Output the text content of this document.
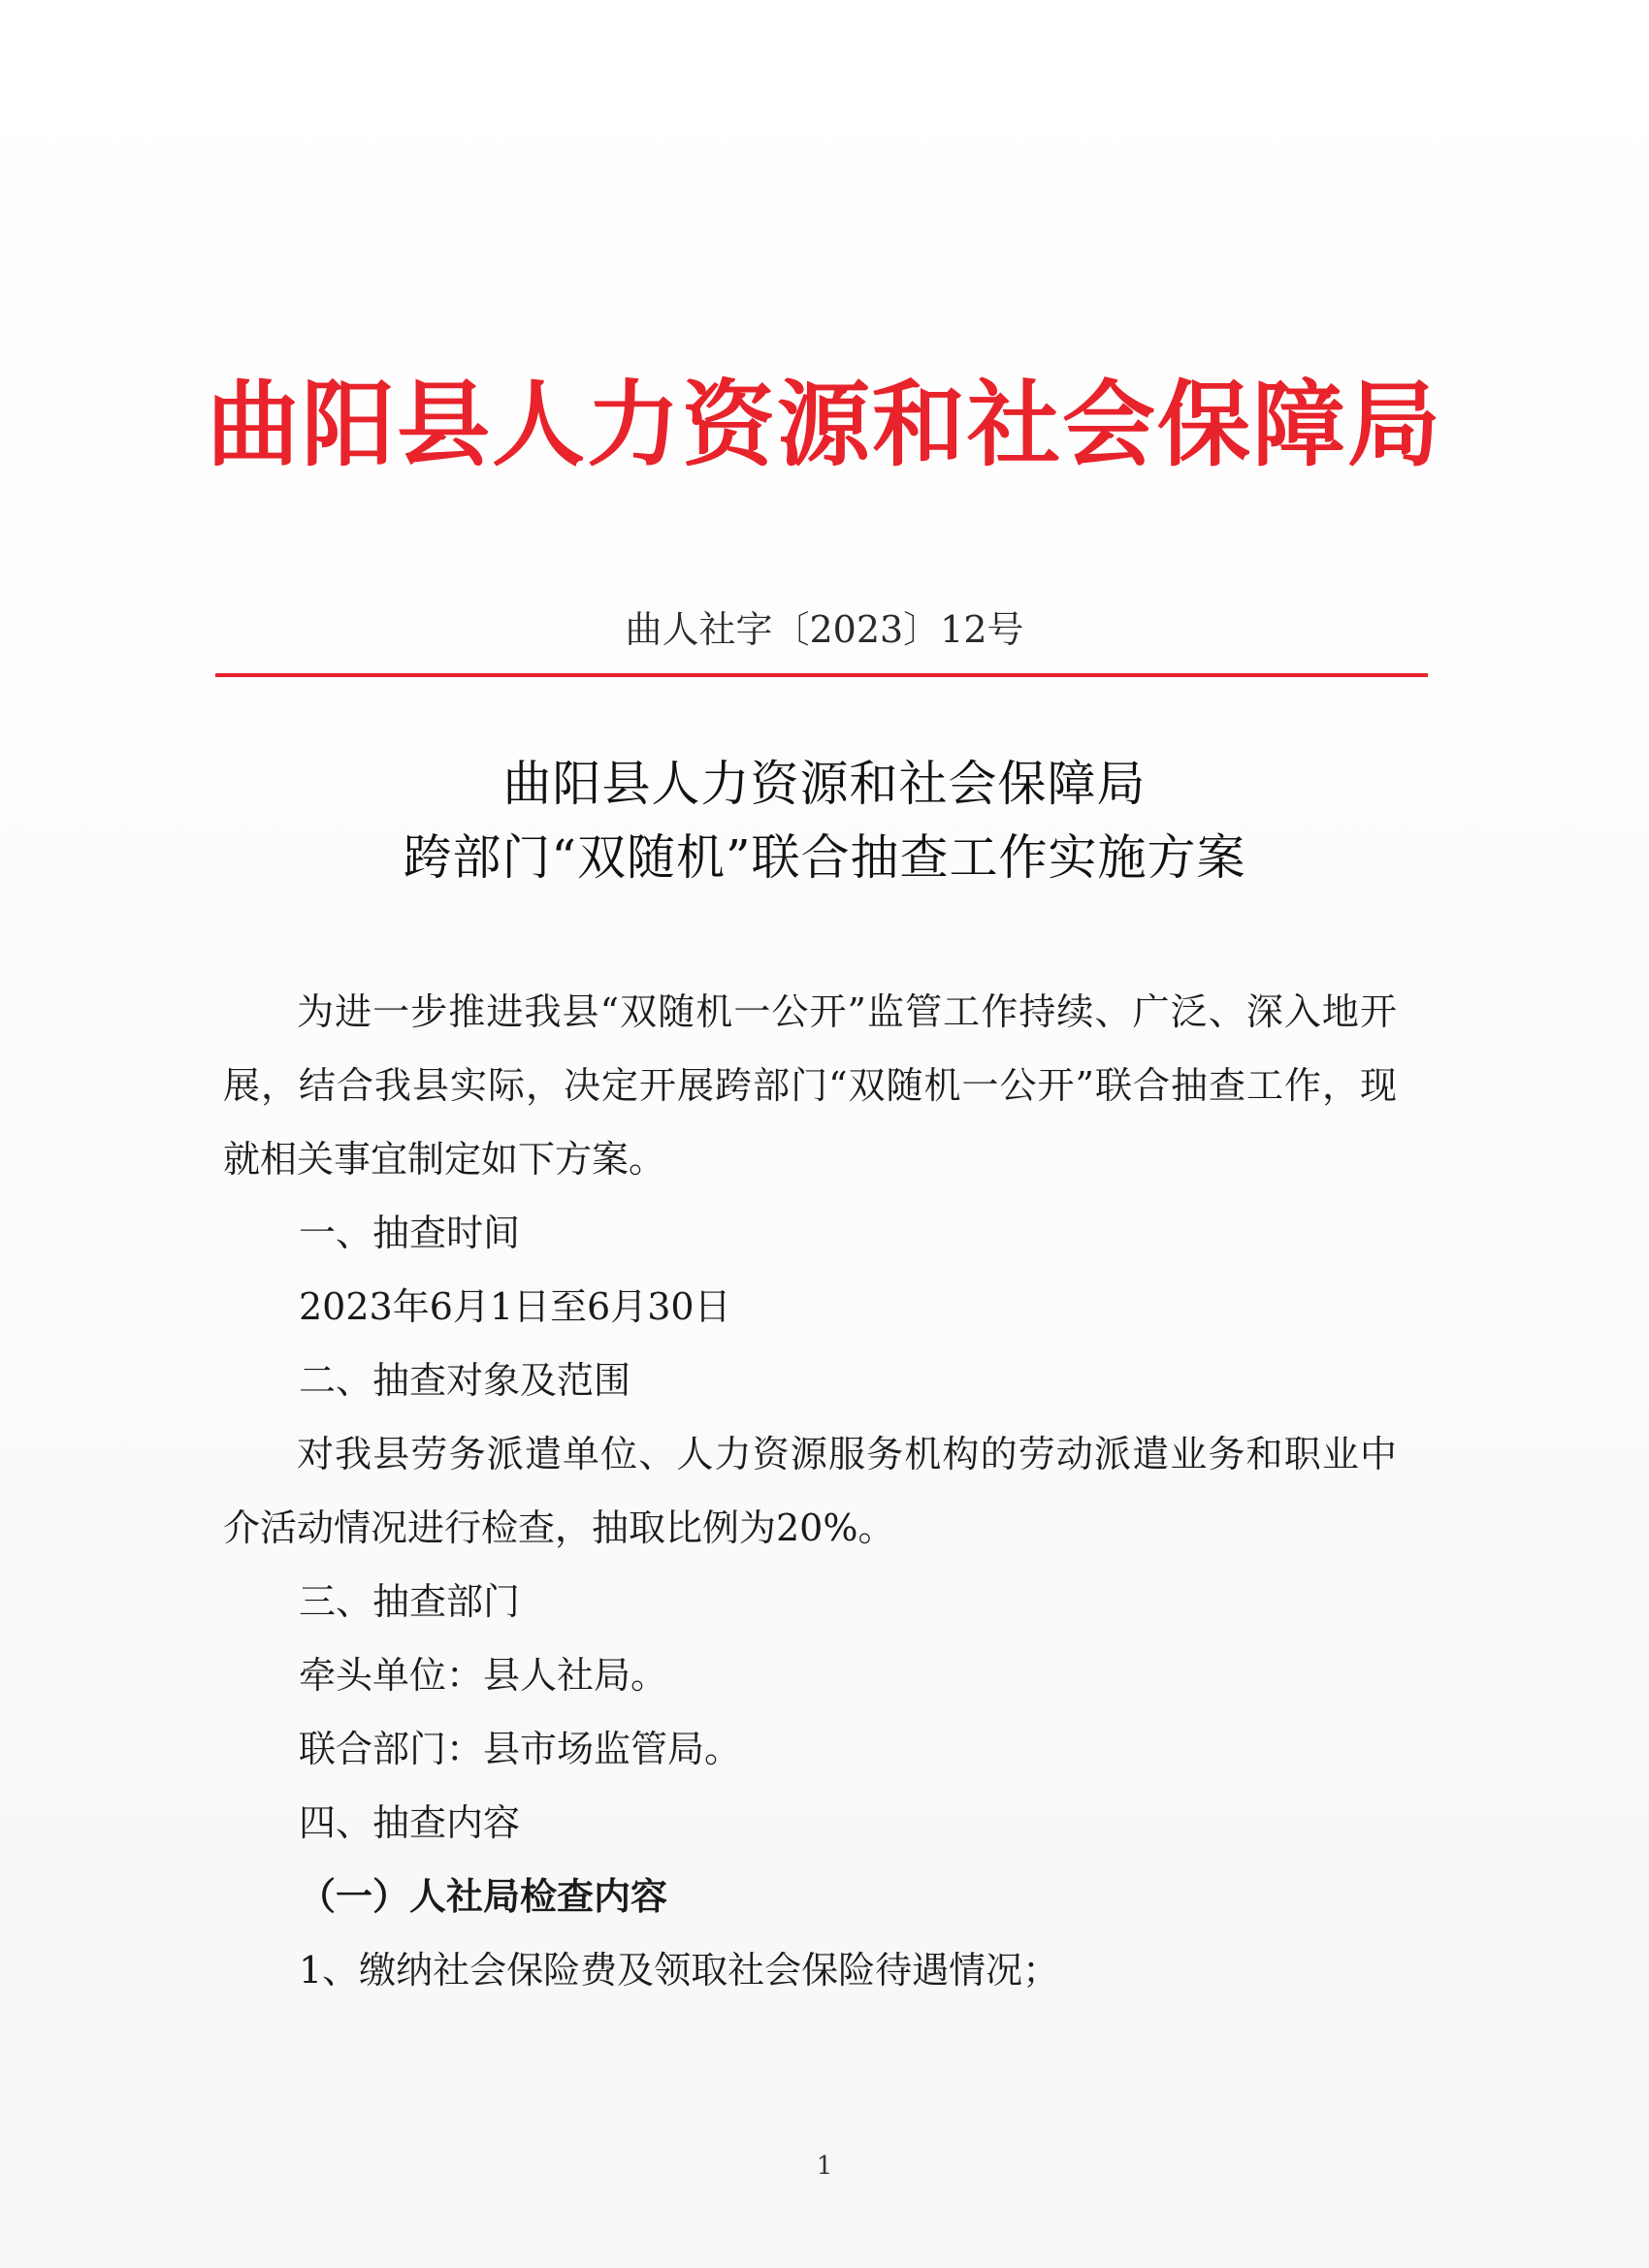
曲阳县人力资源和社会保障局
曲人社字〔2023〕12号
曲阳县人力资源和社会保障局
跨部门“双随机”联合抽查工作实施方案

为进一步推进我县“双随机一公开”监管工作持续、广泛、深入地开展，结合我县实际，决定开展跨部门“双随机一公开”联合抽查工作，现就相关事宜制定如下方案。

一、抽查时间

2023年6月1日至6月30日

二、抽查对象及范围

对我县劳务派遣单位、人力资源服务机构的劳动派遣业务和职业中介活动情况进行检查，抽取比例为20%。

三、抽查部门

牵头单位：县人社局。

联合部门：县市场监管局。

四、抽查内容

（一）人社局检查内容

1、缴纳社会保险费及领取社会保险待遇情况；

1
